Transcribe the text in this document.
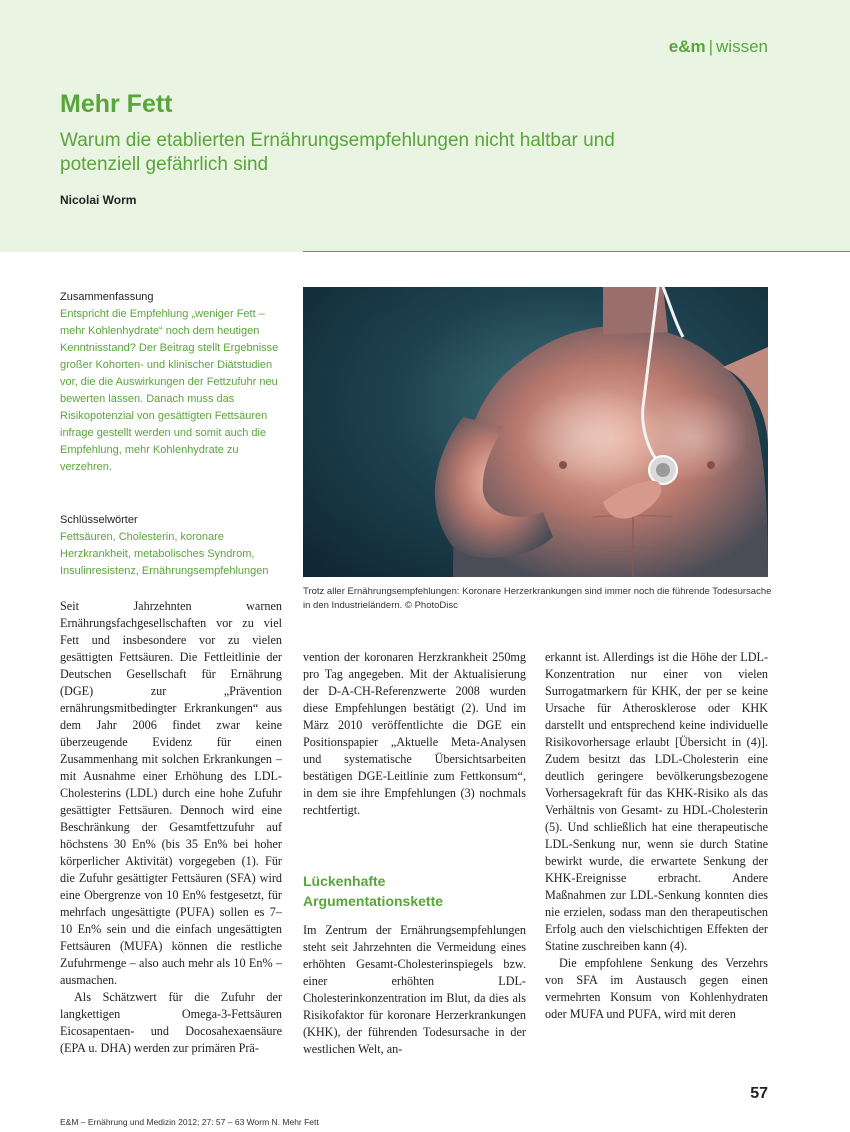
e&m | wissen
Mehr Fett
Warum die etablierten Ernährungsempfehlungen nicht haltbar und potenziell gefährlich sind
Nicolai Worm
Zusammenfassung
Entspricht die Empfehlung „weniger Fett – mehr Kohlenhydrate“ noch dem heutigen Kenntnisstand? Der Beitrag stellt Ergebnisse großer Kohorten- und klinischer Diätstudien vor, die die Auswirkungen der Fettzufuhr neu bewerten lassen. Danach muss das Risikopotenzial von gesättigten Fettsäuren infrage gestellt werden und somit auch die Empfehlung, mehr Kohlenhydrate zu verzehren.
Schlüsselwörter
Fettsäuren, Cholesterin, koronare Herzkrankheit, metabolisches Syndrom, Insulinresistenz, Ernährungsempfehlungen
Trotz aller Ernährungsempfehlungen: Koronare Herzerkrankungen sind immer noch die führende Todesursache in den Industrieländern. © PhotoDisc

Seit Jahrzehnten warnen Ernährungsfachgesellschaften vor zu viel Fett und insbesondere vor zu vielen gesättigten Fettsäuren. Die Fettleitlinie der Deutschen Gesellschaft für Ernährung (DGE) zur „Prävention ernährungsmitbedingter Erkrankungen“ aus dem Jahr 2006 findet zwar keine überzeugende Evidenz für einen Zusammenhang mit solchen Erkrankungen – mit Ausnahme einer Erhöhung des LDL-Cholesterins (LDL) durch eine hohe Zufuhr gesättigter Fettsäuren. Dennoch wird eine Beschränkung der Gesamtfettzufuhr auf höchstens 30 En% (bis 35 En% bei hoher körperlicher Aktivität) vorgegeben (1). Für die Zufuhr gesättigter Fettsäuren (SFA) wird eine Obergrenze von 10 En% festgesetzt, für mehrfach ungesättigte (PUFA) sollen es 7–10 En% sein und die einfach ungesättigten Fettsäuren (MUFA) können die restliche Zufuhrmenge – also auch mehr als 10 En% – ausmachen.

Als Schätzwert für die Zufuhr der langkettigen Omega-3-Fettsäuren Eicosapentaen- und Docosahexaensäure (EPA u. DHA) werden zur primären Prä-

vention der koronaren Herzkrankheit 250mg pro Tag angegeben. Mit der Aktualisierung der D-A-CH-Referenzwerte 2008 wurden diese Empfehlungen bestätigt (2). Und im März 2010 veröffentlichte die DGE ein Positionspapier „Aktuelle Meta-Analysen und systematische Übersichtsarbeiten bestätigen DGE-Leitlinie zum Fettkonsum“, in dem sie ihre Empfehlungen (3) nochmals rechtfertigt.

Lückenhafte Argumentationskette

Im Zentrum der Ernährungsempfehlungen steht seit Jahrzehnten die Vermeidung eines erhöhten Gesamt-Cholesterinspiegels bzw. einer erhöhten LDL-Cholesterinkonzentration im Blut, da dies als Risikofaktor für koronare Herzerkrankungen (KHK), der führenden Todesursache in der westlichen Welt, an-

erkannt ist. Allerdings ist die Höhe der LDL-Konzentration nur einer von vielen Surrogatmarkern für KHK, der per se keine Ursache für Atherosklerose oder KHK darstellt und entsprechend keine individuelle Risikovorhersage erlaubt [Übersicht in (4)]. Zudem besitzt das LDL-Cholesterin eine deutlich geringere bevölkerungsbezogene Vorhersagekraft für das KHK-Risiko als das Verhältnis von Gesamt- zu HDL-Cholesterin (5). Und schließlich hat eine therapeutische LDL-Senkung nur, wenn sie durch Statine bewirkt wurde, die erwartete Senkung der KHK-Ereignisse erbracht. Andere Maßnahmen zur LDL-Senkung konnten dies nie erzielen, sodass man den therapeutischen Erfolg auch den vielschichtigen Effekten der Statine zuschreiben kann (4).

Die empfohlene Senkung des Verzehrs von SFA im Austausch gegen einen vermehrten Konsum von Kohlenhydraten oder MUFA und PUFA, wird mit deren

E&M – Ernährung und Medizin 2012; 27: 57 – 63 Worm N. Mehr Fett
57
